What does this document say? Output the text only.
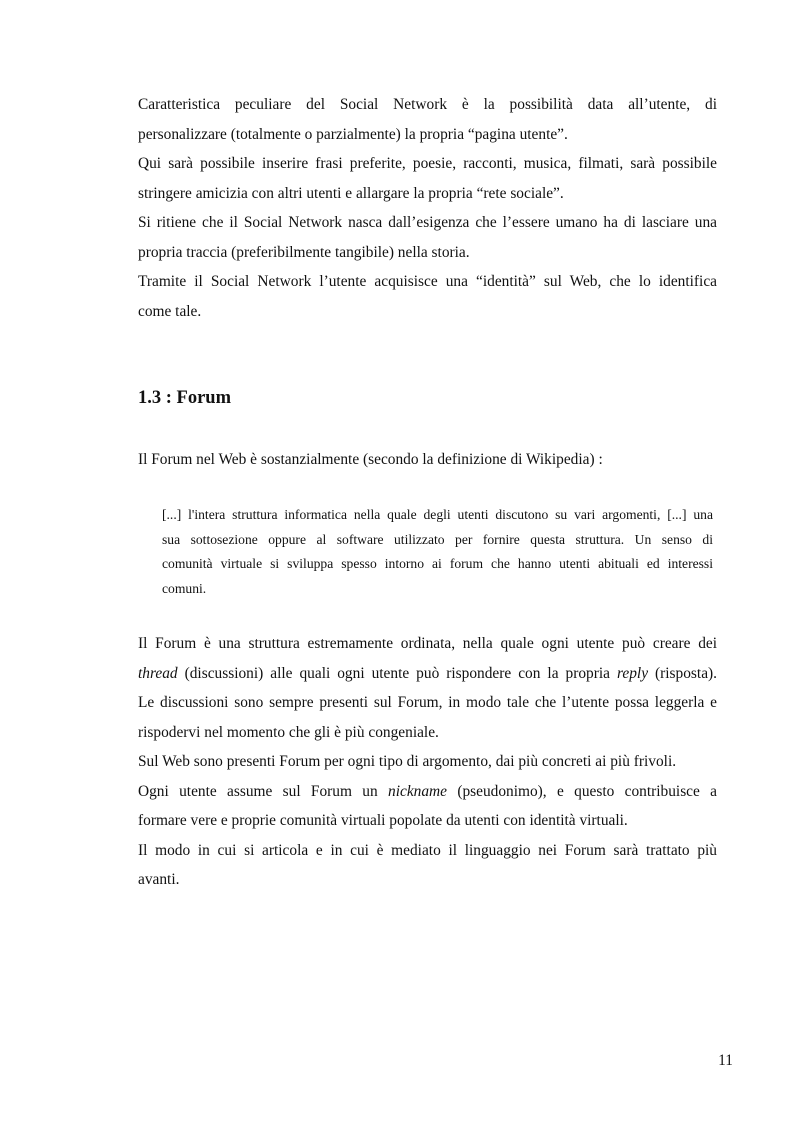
Caratteristica peculiare del Social Network è la possibilità data all’utente, di
personalizzare (totalmente o parzialmente) la propria “pagina utente”.
Qui sarà possibile inserire frasi preferite, poesie, racconti, musica, filmati, sarà possibile
stringere amicizia con altri utenti e allargare la propria “rete sociale”.
Si ritiene che il Social Network nasca dall’esigenza che l’essere umano ha di lasciare una
propria traccia (preferibilmente tangibile) nella storia.
Tramite il Social Network l’utente acquisisce una “identità” sul Web, che lo identifica
come tale.
1.3 : Forum

Il Forum nel Web è sostanzialmente (secondo la definizione di Wikipedia) :

[...] l'intera struttura informatica nella quale degli utenti discutono su vari argomenti, [...] una
sua sottosezione oppure al software utilizzato per fornire questa struttura. Un senso di
comunità virtuale si sviluppa spesso intorno ai forum che hanno utenti abituali ed interessi
comuni.
Il Forum è una struttura estremamente ordinata, nella quale ogni utente può creare dei
thread (discussioni) alle quali ogni utente può rispondere con la propria reply (risposta).
Le discussioni sono sempre presenti sul Forum, in modo tale che l’utente possa leggerla e
rispodervi nel momento che gli è più congeniale.
Sul Web sono presenti Forum per ogni tipo di argomento, dai più concreti ai più frivoli.
Ogni utente assume sul Forum un nickname (pseudonimo), e questo contribuisce a
formare vere e proprie comunità virtuali popolate da utenti con identità virtuali.
Il modo in cui si articola e in cui è mediato il linguaggio nei Forum sarà trattato più
avanti.
11
